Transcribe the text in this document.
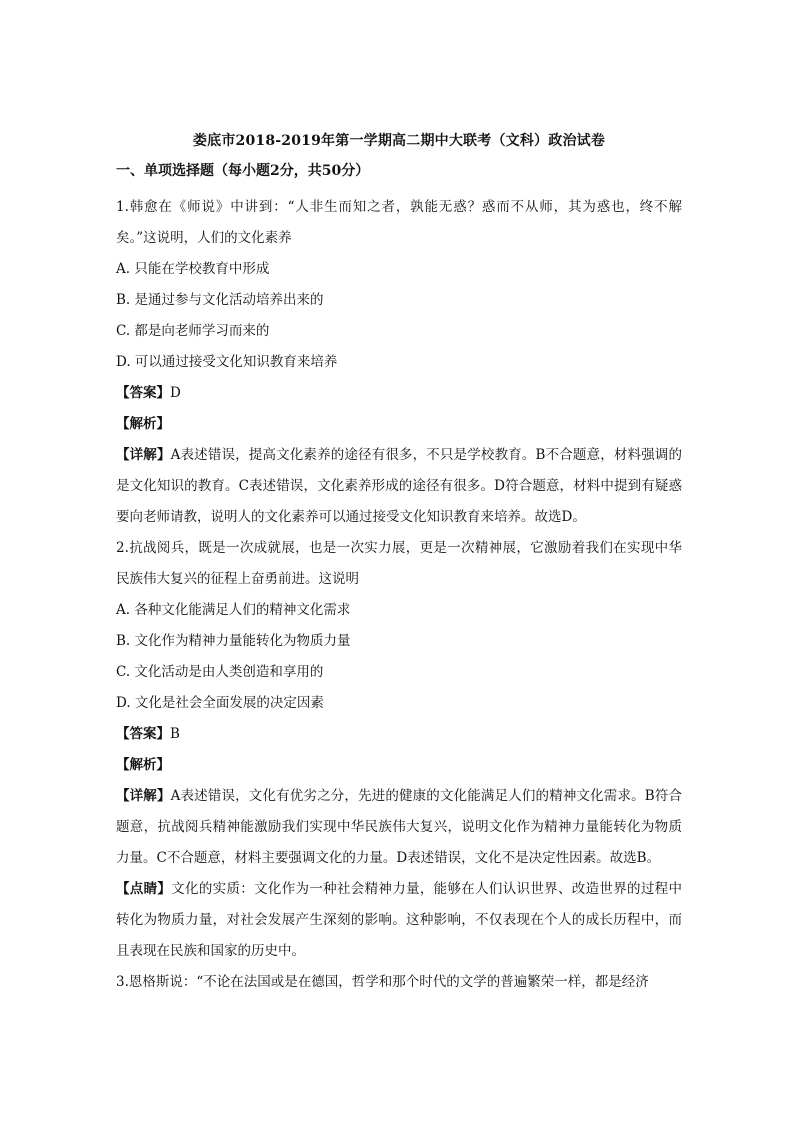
娄底市2018-2019年第一学期高二期中大联考（文科）政治试卷
一、单项选择题（每小题2分，共50分）

1.韩愈在《师说》中讲到：“人非生而知之者，孰能无惑？惑而不从师，其为惑也，终不解矣。”这说明，人们的文化素养

A. 只能在学校教育中形成

B. 是通过参与文化活动培养出来的

C. 都是向老师学习而来的

D. 可以通过接受文化知识教育来培养

【答案】D

【解析】

【详解】A表述错误，提高文化素养的途径有很多，不只是学校教育。B不合题意，材料强调的是文化知识的教育。C表述错误，文化素养形成的途径有很多。D符合题意，材料中提到有疑惑要向老师请教，说明人的文化素养可以通过接受文化知识教育来培养。故选D。

2.抗战阅兵，既是一次成就展，也是一次实力展，更是一次精神展，它激励着我们在实现中华民族伟大复兴的征程上奋勇前进。这说明

A. 各种文化能满足人们的精神文化需求

B. 文化作为精神力量能转化为物质力量

C. 文化活动是由人类创造和享用的

D. 文化是社会全面发展的决定因素

【答案】B

【解析】

【详解】A表述错误，文化有优劣之分，先进的健康的文化能满足人们的精神文化需求。B符合题意，抗战阅兵精神能激励我们实现中华民族伟大复兴，说明文化作为精神力量能转化为物质力量。C不合题意，材料主要强调文化的力量。D表述错误，文化不是决定性因素。故选B。

【点睛】文化的实质：文化作为一种社会精神力量，能够在人们认识世界、改造世界的过程中转化为物质力量，对社会发展产生深刻的影响。这种影响，不仅表现在个人的成长历程中，而且表现在民族和国家的历史中。

3.恩格斯说：“不论在法国或是在德国，哲学和那个时代的文学的普遍繁荣一样，都是经济
